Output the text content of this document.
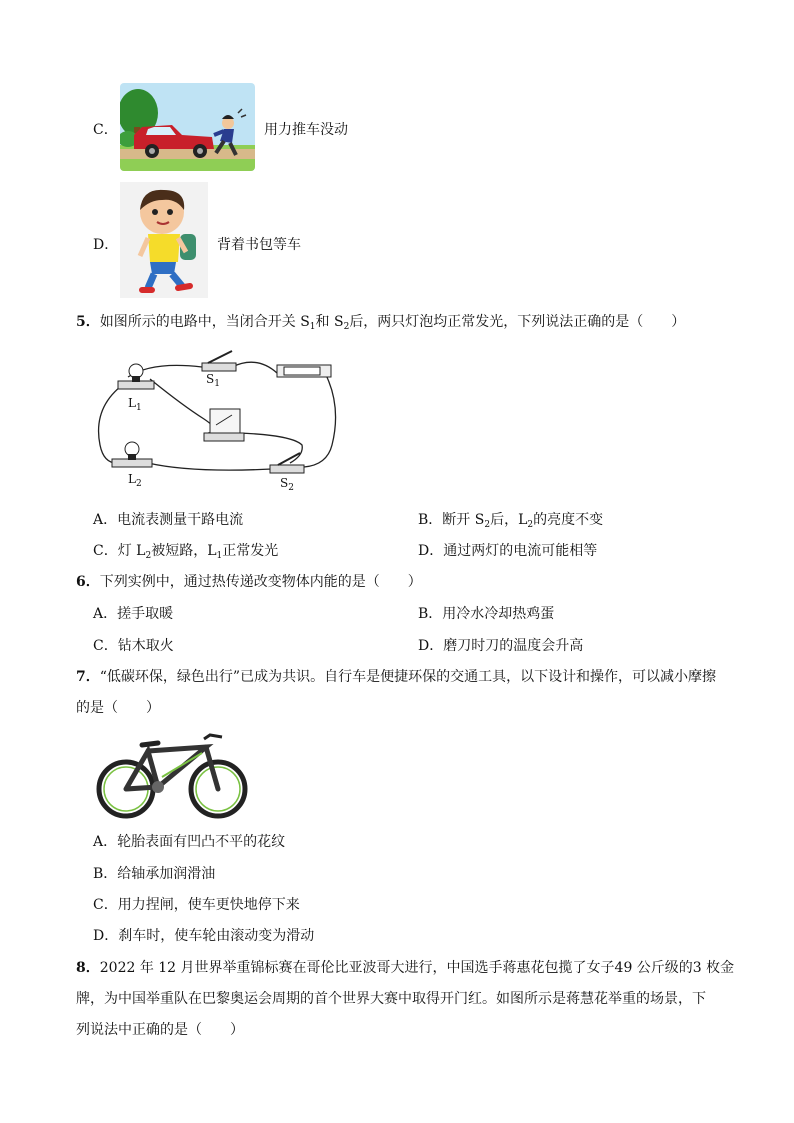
C．	用力推车没动
D．	背着书包等车
5．如图所示的电路中，当闭合开关 $S_1$和 $S_2$后，两只灯泡均正常发光，下列说法正确的是（　　）
$L_1$
$S_1$
$L_2$	$S_2$
A．电流表测量干路电流	B．断开 $S_2$后，$L_2$的亮度不变
C．灯 $L_2$被短路，$L_1$正常发光	D．通过两灯的电流可能相等
6．下列实例中，通过热传递改变物体内能的是（　　）
A．搓手取暖	B．用冷水冷却热鸡蛋
C．钻木取火	D．磨刀时刀的温度会升高
7．“低碳环保，绿色出行”已成为共识。自行车是便捷环保的交通工具，以下设计和操作，可以减小摩擦
的是（　　）
A．轮胎表面有凹凸不平的花纹
B．给轴承加润滑油
C．用力捏闸，使车更快地停下来
D．刹车时，使车轮由滚动变为滑动
8．2022 年 12 月世界举重锦标赛在哥伦比亚波哥大进行，中国选手蒋惠花包揽了女子49 公斤级的3 枚金
牌，为中国举重队在巴黎奥运会周期的首个世界大赛中取得开门红。如图所示是蒋慧花举重的场景，下
列说法中正确的是（　　）
